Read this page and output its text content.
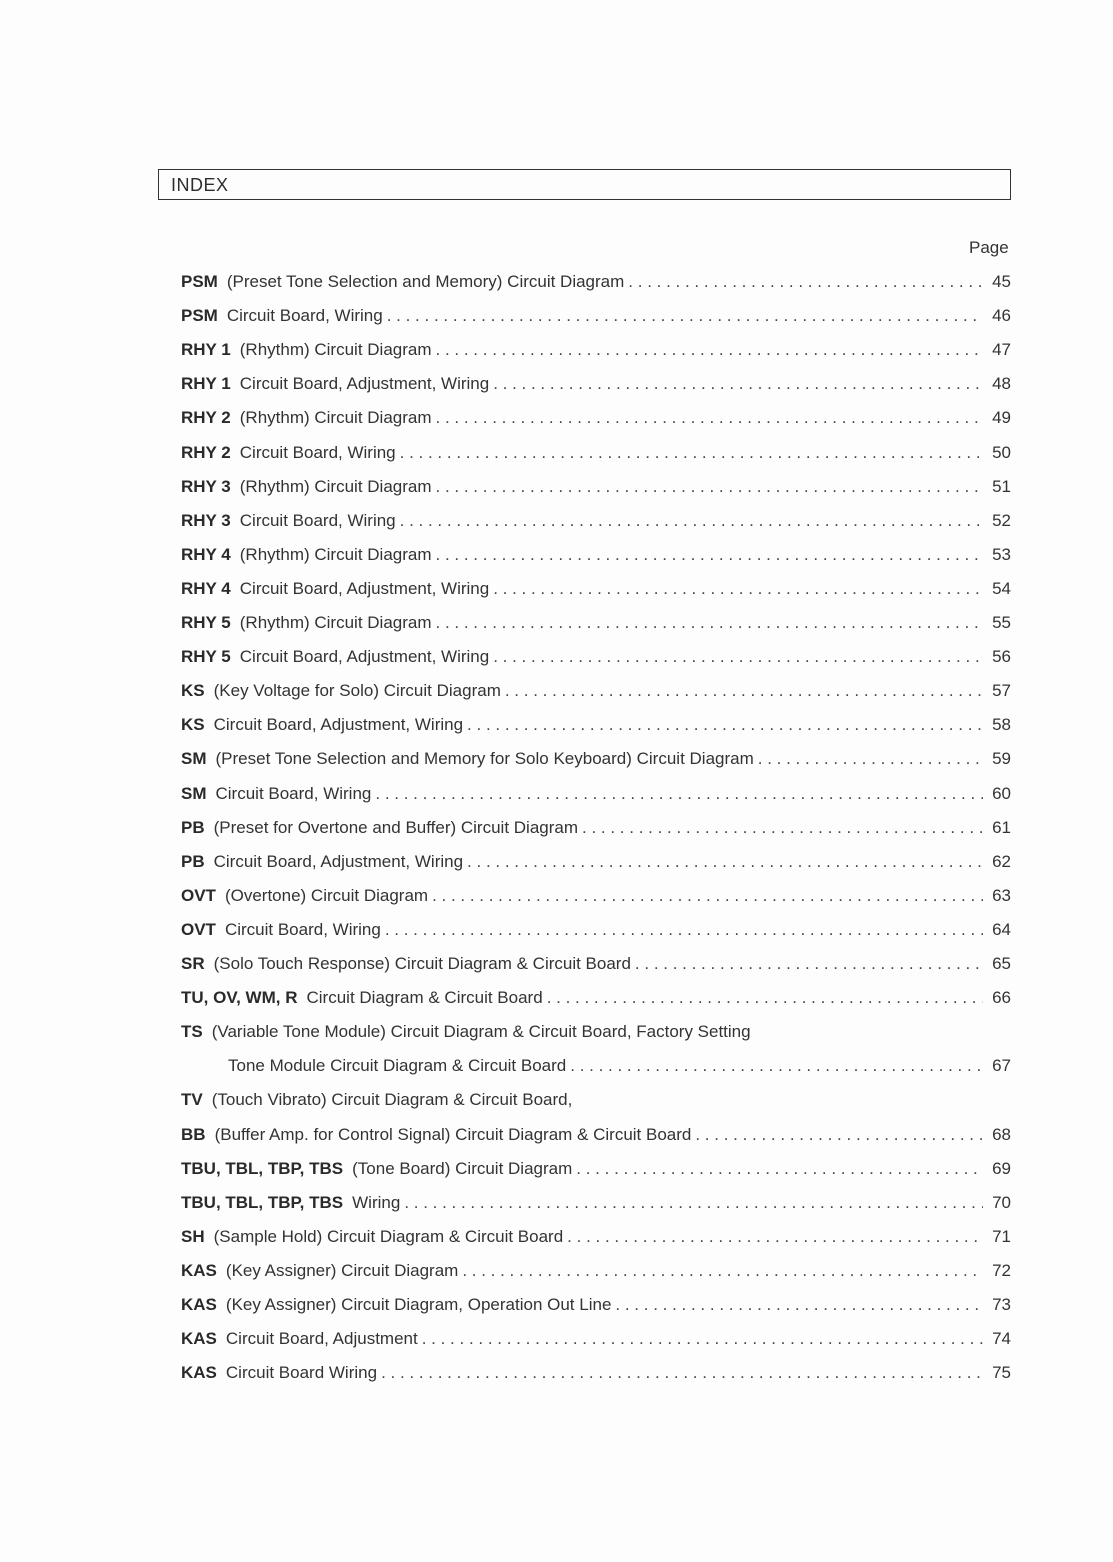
INDEX
Page
PSM (Preset Tone Selection and Memory) Circuit Diagram . . .	45
PSM Circuit Board, Wiring . . .	46
RHY 1 (Rhythm) Circuit Diagram . . .	47
RHY 1 Circuit Board, Adjustment, Wiring . . .	48
RHY 2 (Rhythm) Circuit Diagram . . .	49
RHY 2 Circuit Board, Wiring . . .	50
RHY 3 (Rhythm) Circuit Diagram . . .	51
RHY 3 Circuit Board, Wiring . . .	52
RHY 4 (Rhythm) Circuit Diagram . . .	53
RHY 4 Circuit Board, Adjustment, Wiring . . .	54
RHY 5 (Rhythm) Circuit Diagram . . .	55
RHY 5 Circuit Board, Adjustment, Wiring . . .	56
KS (Key Voltage for Solo) Circuit Diagram . . .	57
KS Circuit Board, Adjustment, Wiring . . .	58
SM (Preset Tone Selection and Memory for Solo Keyboard) Circuit Diagram . . .	59
SM Circuit Board, Wiring . . .	60
PB (Preset for Overtone and Buffer) Circuit Diagram . . .	61
PB Circuit Board, Adjustment, Wiring . . .	62
OVT (Overtone) Circuit Diagram . . .	63
OVT Circuit Board, Wiring . . .	64
SR (Solo Touch Response) Circuit Diagram & Circuit Board . . .	65
TU, OV, WM, R Circuit Diagram & Circuit Board . . .	66
TS (Variable Tone Module) Circuit Diagram & Circuit Board, Factory Setting
Tone Module Circuit Diagram & Circuit Board . . .	67
TV (Touch Vibrato) Circuit Diagram & Circuit Board,
BB (Buffer Amp. for Control Signal) Circuit Diagram & Circuit Board . . .	68
TBU, TBL, TBP, TBS (Tone Board) Circuit Diagram . . .	69
TBU, TBL, TBP, TBS Wiring . . .	70
SH (Sample Hold) Circuit Diagram & Circuit Board . . .	71
KAS (Key Assigner) Circuit Diagram . . .	72
KAS (Key Assigner) Circuit Diagram, Operation Out Line . . .	73
KAS Circuit Board, Adjustment . . .	74
KAS Circuit Board Wiring . . .	75
